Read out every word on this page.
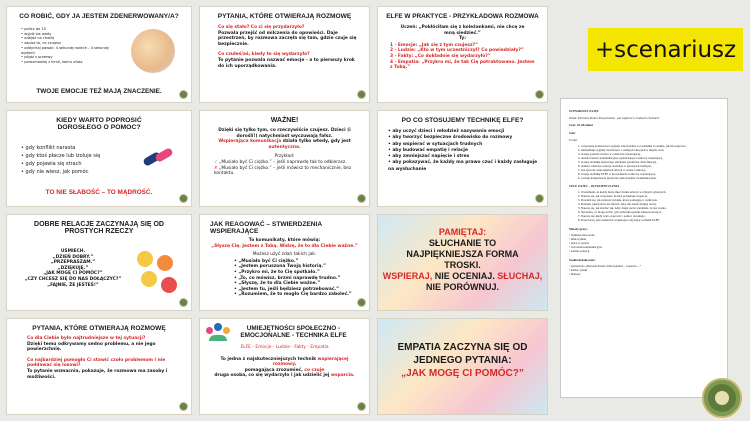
CO ROBIĆ, GDY JA JESTEM ZDENERWOWANY/A?
• policz do 10
• wyjdź się wody
• odejdź na chwilę
• zapisz to, co czujesz
• oddychaj powoli: 4 sekundy wdech - 4 sekundy wydech
• pójdź z przerwy
• porozmawiaj z kimś, komu ufasz
TWOJE EMOCJE TEŻ MAJĄ ZNACZENIE.
PYTANIA, KTÓRE OTWIERAJĄ ROZMOWĘ
Co się stało? Co ci się przydarzyło?
Pozwala przejść od milczenia do opowieści. Daje przestrzeń, by rozmowa zaczęła się tam, gdzie czuje się bezpiecznie.
Co czułeś/aś, kiedy to się wydarzyło?
To pytanie pozwala nazwać emocje - a to pierwszy krok do ich uporządkowania.
ELFE W PRAKTYCE - PRZYKŁADOWA ROZMOWA
Uczeń: „Pokłóciłam się z koleżankami, nie chcę ze mną siedzieć.”
Ty:
1 - Emocje: „Jak się z tym czujesz?”
2 - Ludzie: „Kto w tym uczestniczył? Co powiedziały?”
3 - Fakty: „Co dokładnie się wydarzyło?”
4 - Empatia: „Przykro mi, że tak Cię potraktowano. Jestem z Tobą.”
+scenariusz
SCENARIUSZ ZAJĘĆ
Temat: Pierwsza Pomoc Emocjonalna - jak wspierać w trudnych chwilach?
Czas: 45–60 minut
Cele:
Uczeń:
1. rozpoznaje podstawowe sygnały emocjonalne u rówieśnika i rozumie, jak im reagować,
2. identyfikuje sygnały świadczące o trudnych emocjach u innych osób,
3. stosuje pytania otwarte w rozmowie wspierającej,
4. określa bariery komunikacyjne ograniczające rozmowę wspierającą,
5. stosuje technikę aktywnego słuchania (parafraza, klaryfikacja),
6. dobiera właściwe reakcje werbalne w sytuacjach trudnych,
7. zna sposoby samoregulacji emocji w czasie rozmowy,
8. stosuje technikę ELFE w prowadzeniu rozmowy wspierającej,
9. rozwija kompetencje społeczno-emocjonalne i komunikacyjne.
CELE ZAJĘĆ – JĘZYKIEM UCZNIA
1. Zrozumiem, że każdy może mieć trudne emocje w różnych sytuacjach.
2. Nauczę się, jak rozpoznać, że ktoś potrzebuje wsparcia.
3. Dowiem się, jak zadawać pytania, które pomagają w rozmowie.
4. Poznam, jakich słów nie mówić, żeby nie zranić drugiej osoby.
5. Nauczę się, jak słuchać tak, żeby druga osoba wiedziała, że jest ważna.
6. Sprawdzę, co mogę zrobić, gdy sam/sama jestem zdenerwowany/a.
7. Nauczę się, kiedy warto poprosić o pomoc dorosłego.
8. Przećwiczę, jak rozmawiać wspierająco używając techniki ELFE.
Metody pracy:
• dyskusja kierowana
• mini-wykład
• praca w parach
• ćwiczenia komunikacyjne
• analiza sytuacji
Środki dydaktyczne:
• prezentacja „Pierwsza Pomoc Emocjonalna – wsparcie…”
• kartki i pisaki
• markery
KIEDY WARTO POPROSIĆ DOROSŁEGO O POMOC?
• gdy konflikt narasta
• gdy ktoś płacze lub izoluje się
• gdy pojawia się strach
• gdy nie wiesz, jak pomóc
TO NIE SŁABOŚĆ – TO MĄDROŚĆ.
WAŻNE!
Dzięki się tylko tym, co rzeczywiście czujesz. Dzieci (i dorośli!) natychmiast wyczuwają fałsz.
Wspierająca komunikacja działa tylko wtedy, gdy jest autentyczna.
Przykład:
✓ „Musiało być Ci ciężko.” – jeśli naprawdę tak to odbierasz.
✗ „Musiało być Ci ciężko.” – jeśli mówisz to mechanicznie, bez kontaktu.
PO CO STOSUJEMY TECHNIKĘ ELFE?
• aby uczyć dzieci i młodzież nazywania emocji
• aby tworzyć bezpieczne środowisko do rozmowy
• aby wspierać w sytuacjach trudnych
• aby budować empatię i relacje
• aby zmniejszać napięcie i stres
• aby pokazywać, że każdy ma prawo czuć i każdy zasługuje na wysłuchanie
DOBRE RELACJE ZACZYNAJĄ SIĘ OD PROSTYCH RZECZY
UŚMIECH.
„DZIEŃ DOBRY.”
„PRZEPRASZAM.”
„DZIĘKUJĘ.”
„JAK MOGĘ CI POMÓC?”
„CZY CHCESZ SIĘ DO NAS DOŁĄCZYĆ?”
„FAJNIE, ŻE JESTEŚ!”
JAK REAGOWAĆ – STWIERDZENIA WSPIERAJĄCE
To komunikaty, które mówią:
„Słyszę Cię. Jestem z Tobą. Widzę, że to dla Ciebie ważne.”
Możesz użyć zdań takich jak:
• „Musiało być Ci ciężko.”
• „Jestem poruszona Twoją historią.”
• „Przykro mi, że to Cię spotkało.”
• „To, co mówisz, brzmi naprawdę trudno.”
• „Słyszę, że to dla Ciebie ważne.”
• „Jestem tu, jeśli będziesz potrzebować.”
• „Rozumiem, że to mogło Cię bardzo zaboleć.”
PAMIĘTAJ:
SŁUCHANIE TO NAJPIĘKNIEJSZA FORMA TROSKI.
WSPIERAJ, NIE OCENIAJ. SŁUCHAJ,
NIE PORÓWNUJ.
PYTANIA, KTÓRE OTWIERAJĄ ROZMOWĘ
Co dla Ciebie było najtrudniejsze w tej sytuacji?
Dzięki temu odkrywamy sedno problemu, a nie jego powierzchnię.
Co najbardziej pomogło Ci stawić czoło problemom i nie poddawać się losowi?
To pytanie wzmacnia, pokazuje, że rozmowa ma zasoby i możliwości.
UMIEJĘTNOŚCI SPOŁECZNO -EMOCJONALNE - TECHNIKA ELFE
ELFE - Emocje - Ludzie - Fakty - Empatia
To jedna z najskuteczniejszych technik wspierającej rozmowy,
pomagająca zrozumieć, co czuje
druga osoba, co się wydarzyło i jak udzielić jej wsparcia.
EMPATIA ZACZYNA SIĘ OD JEDNEGO PYTANIA:
„JAK MOGĘ CI POMÓC?”
